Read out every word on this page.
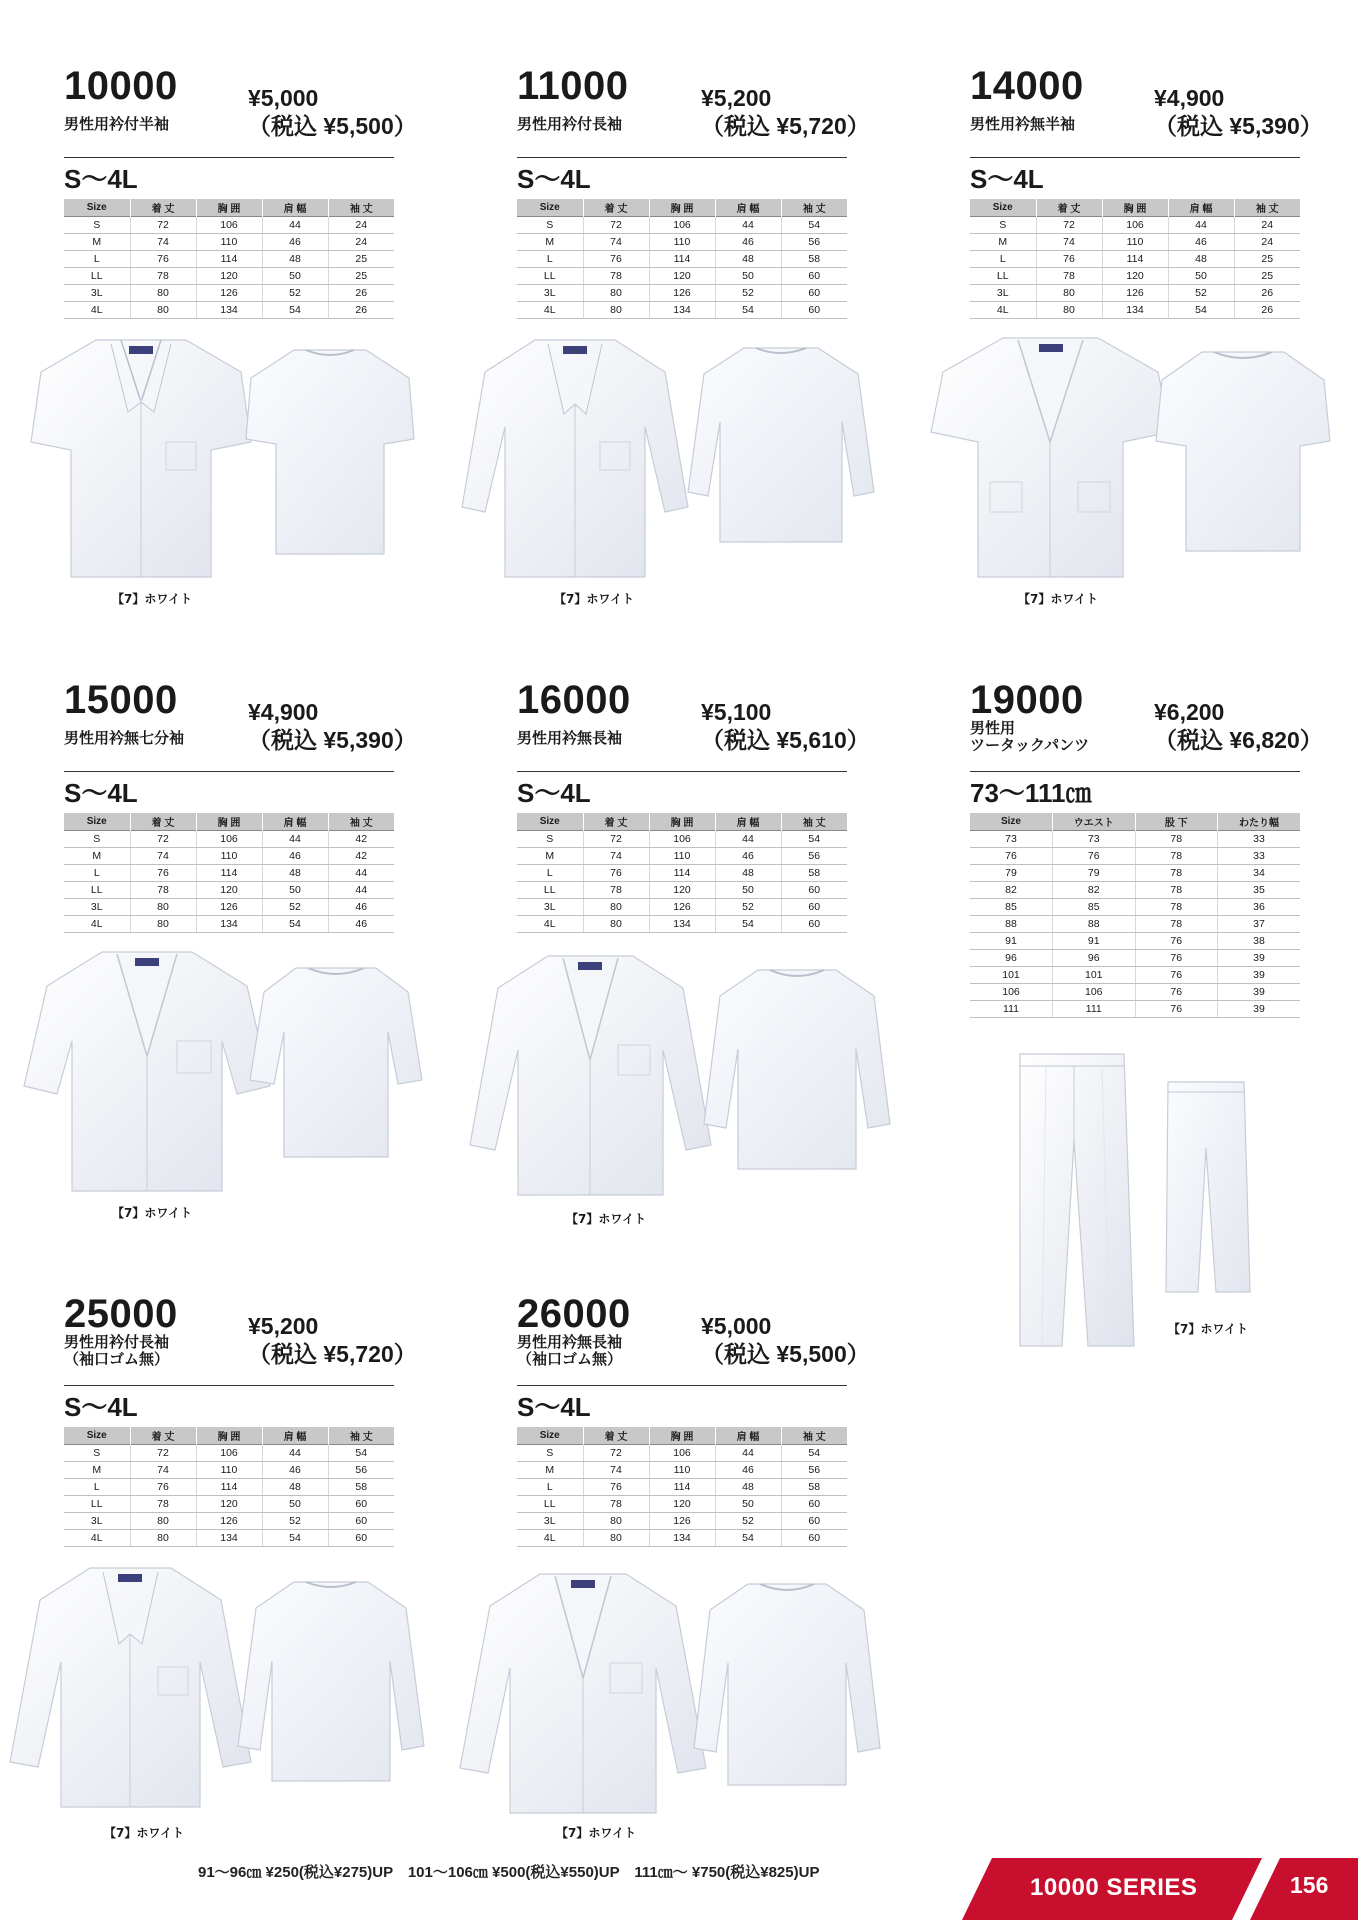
10000
男性用衿付半袖
¥5,000
（税込 ¥5,500）
S〜4L
Size	着 丈	胸 囲	肩 幅	袖 丈
S	72	106	44	24
M	74	110	46	24
L	76	114	48	25
LL	78	120	50	25
3L	80	126	52	26
4L	80	134	54	26
11000
男性用衿付長袖
¥5,200
（税込 ¥5,720）
S〜4L
Size	着 丈	胸 囲	肩 幅	袖 丈
S	72	106	44	54
M	74	110	46	56
L	76	114	48	58
LL	78	120	50	60
3L	80	126	52	60
4L	80	134	54	60
14000
男性用衿無半袖
¥4,900
（税込 ¥5,390）
S〜4L
Size	着 丈	胸 囲	肩 幅	袖 丈
S	72	106	44	24
M	74	110	46	24
L	76	114	48	25
LL	78	120	50	25
3L	80	126	52	26
4L	80	134	54	26
15000
男性用衿無七分袖
¥4,900
（税込 ¥5,390）
S〜4L
Size	着 丈	胸 囲	肩 幅	袖 丈
S	72	106	44	42
M	74	110	46	42
L	76	114	48	44
LL	78	120	50	44
3L	80	126	52	46
4L	80	134	54	46
16000
男性用衿無長袖
¥5,100
（税込 ¥5,610）
S〜4L
Size	着 丈	胸 囲	肩 幅	袖 丈
S	72	106	44	54
M	74	110	46	56
L	76	114	48	58
LL	78	120	50	60
3L	80	126	52	60
4L	80	134	54	60
19000
男性用
ツータックパンツ
¥6,200
（税込 ¥6,820）
73〜111㎝
Size	ウエスト	股 下	わたり幅
73	73	78	33
76	76	78	33
79	79	78	34
82	82	78	35
85	85	78	36
88	88	78	37
91	91	76	38
96	96	76	39
101	101	76	39
106	106	76	39
111	111	76	39
25000
男性用衿付長袖
（袖口ゴム無）
¥5,200
（税込 ¥5,720）
S〜4L
Size	着 丈	胸 囲	肩 幅	袖 丈
S	72	106	44	54
M	74	110	46	56
L	76	114	48	58
LL	78	120	50	60
3L	80	126	52	60
4L	80	134	54	60
26000
男性用衿無長袖
（袖口ゴム無）
¥5,000
（税込 ¥5,500）
S〜4L
Size	着 丈	胸 囲	肩 幅	袖 丈
S	72	106	44	54
M	74	110	46	56
L	76	114	48	58
LL	78	120	50	60
3L	80	126	52	60
4L	80	134	54	60
【7】ホワイト	【7】ホワイト	【7】ホワイト
【7】ホワイト	【7】ホワイト
【7】ホワイト
【7】ホワイト	【7】ホワイト
91〜96㎝ ¥250(税込¥275)UP　101〜106㎝ ¥500(税込¥550)UP　111㎝〜 ¥750(税込¥825)UP
10000 SERIES	156
